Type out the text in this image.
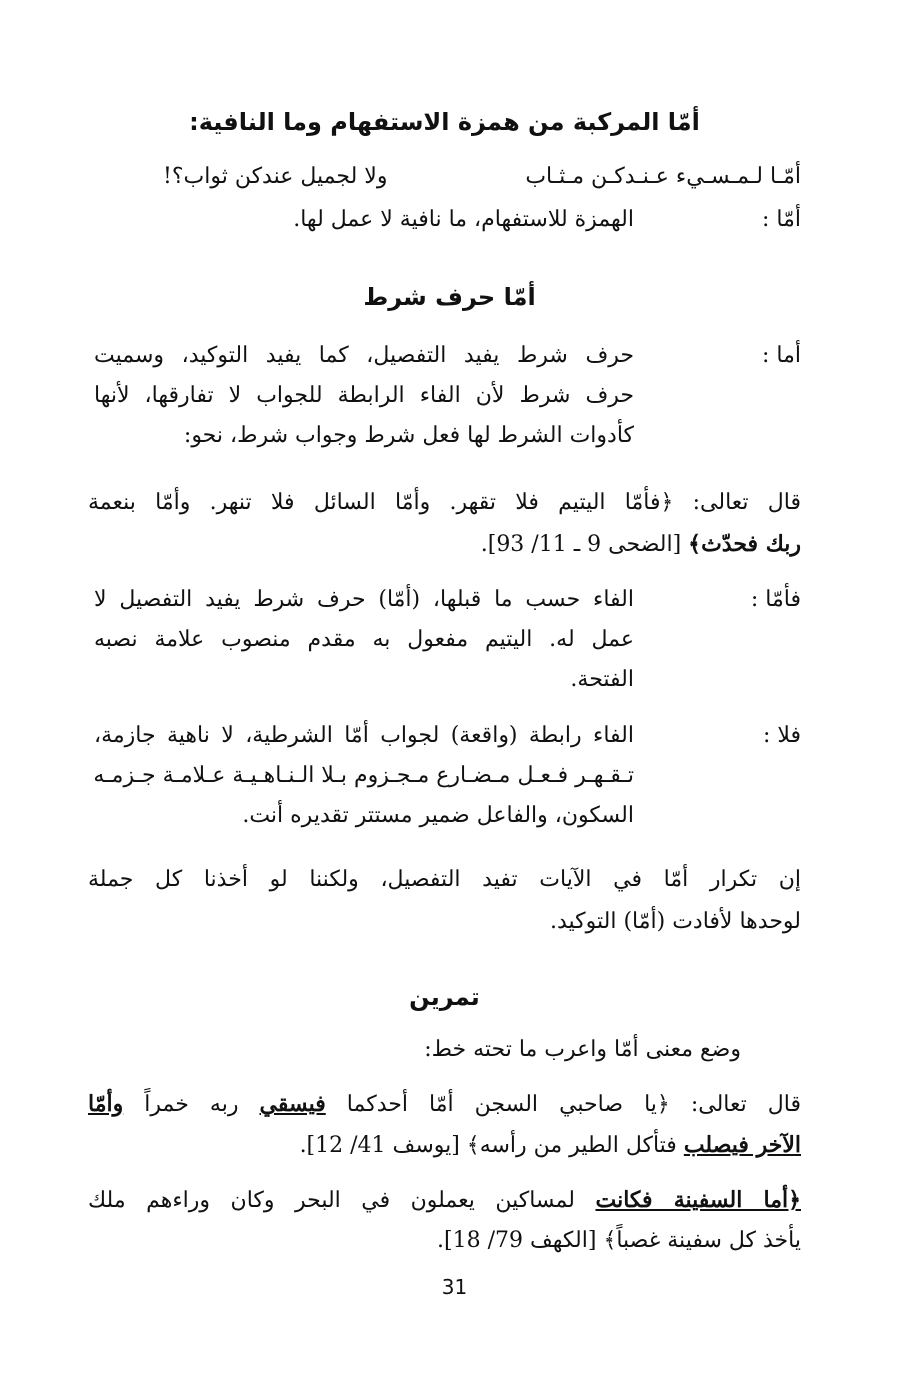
أمّا المركبة من همزة الاستفهام وما النافية:
أمّـا لـمـسـيء عـنـدكـن مـثـاب
ولا لجميل عندكن ثواب؟!
أمّا :
الهمزة للاستفهام، ما نافية لا عمل لها.
أمّا حرف شرط
أما :
حرف شرط يفيد التفصيل، كما يفيد التوكيد، وسميت
حرف شرط لأن الفاء الرابطة للجواب لا تفارقها، لأنها
كأدوات الشرط لها فعل شرط وجواب شرط، نحو:
قال تعالى: ﴿فأمّا اليتيم فلا تقهر. وأمّا السائل فلا تنهر. وأمّا بنعمة
ربك فحدّث﴾ [الضحى 9 ـ 11/ 93].
فأمّا :
الفاء حسب ما قبلها، (أمّا) حرف شرط يفيد التفصيل لا
عمل له. اليتيم مفعول به مقدم منصوب علامة نصبه
الفتحة.
فلا :
الفاء رابطة (واقعة) لجواب أمّا الشرطية، لا ناهية جازمة،
تـقـهـر فـعـل مـضـارع مـجـزوم بـلا الـنـاهـيـة عـلامـة جـزمـه
السكون، والفاعل ضمير مستتر تقديره أنت.
إن تكرار أمّا في الآيات تفيد التفصيل، ولكننا لو أخذنا كل جملة
لوحدها لأفادت (أمّا) التوكيد.
تمرين
وضع معنى أمّا واعرب ما تحته خط:
قال تعالى: ﴿يا صاحبي السجن أمّا أحدكما فيسقي ربه خمراً وأمّا
الآخر فيصلب فتأكل الطير من رأسه﴾ [يوسف 41/ 12].
﴿أما السفينة فكانت لمساكين يعملون في البحر وكان وراءهم ملك
يأخذ كل سفينة غصباً﴾ [الكهف 79/ 18].
31
